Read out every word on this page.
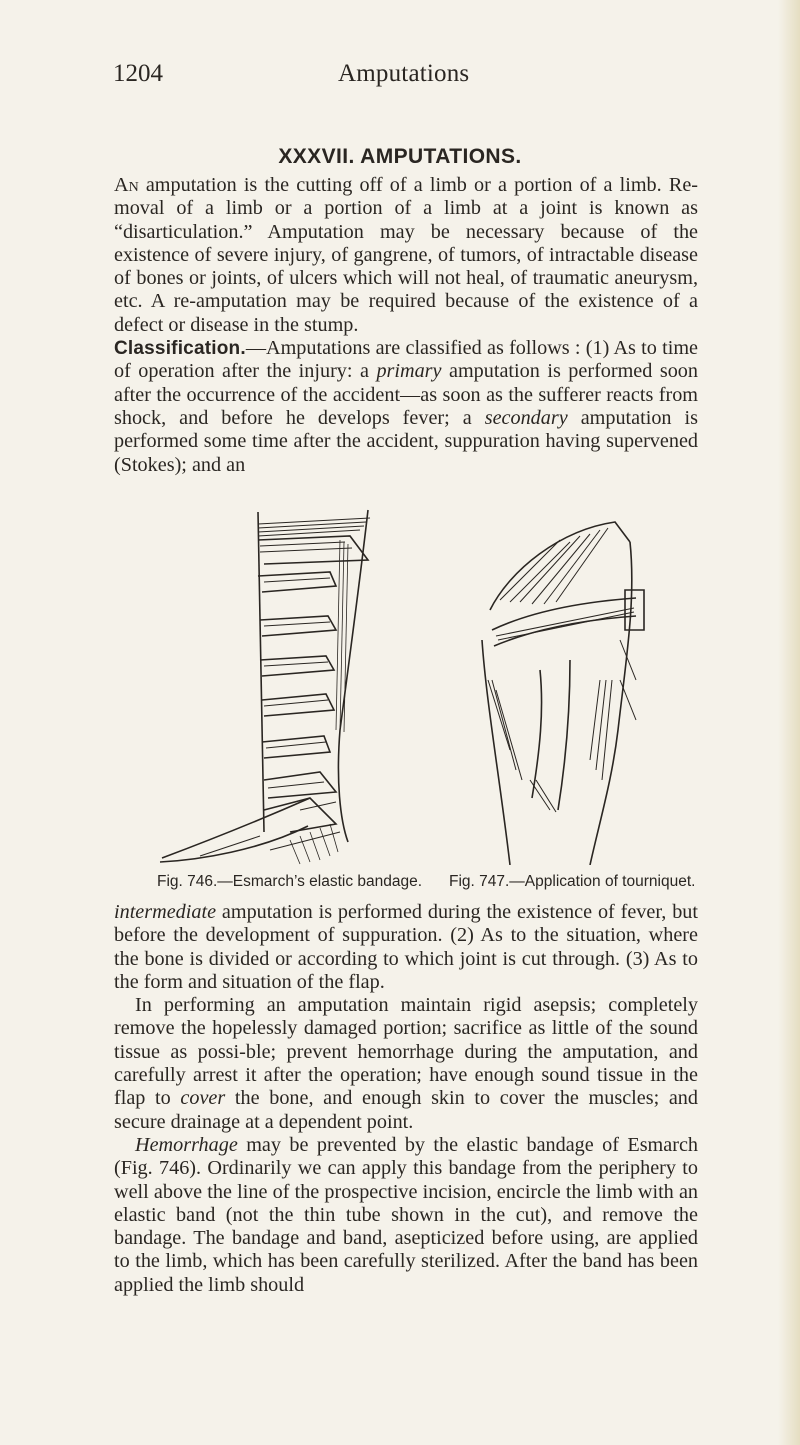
1204	Amputations
XXXVII. AMPUTATIONS.

An amputation is the cutting off of a limb or a portion of a limb. Re-moval of a limb or a portion of a limb at a joint is known as “disarticulation.” Amputation may be necessary because of the existence of severe injury, of gangrene, of tumors, of intractable disease of bones or joints, of ulcers which will not heal, of traumatic aneurysm, etc. A re-amputation may be required because of the existence of a defect or disease in the stump.

Classification.—Amputations are classified as follows : (1) As to time of operation after the injury: a primary amputation is performed soon after the occurrence of the accident—as soon as the sufferer reacts from shock, and before he develops fever; a secondary amputation is performed some time after the accident, suppuration having supervened (Stokes); and an

Fig. 746.—Esmarch’s elastic bandage. Fig. 747.—Application of tourniquet.

intermediate amputation is performed during the existence of fever, but before the development of suppuration. (2) As to the situation, where the bone is divided or according to which joint is cut through. (3) As to the form and situation of the flap.

In performing an amputation maintain rigid asepsis; completely remove the hopelessly damaged portion; sacrifice as little of the sound tissue as possi-ble; prevent hemorrhage during the amputation, and carefully arrest it after the operation; have enough sound tissue in the flap to cover the bone, and enough skin to cover the muscles; and secure drainage at a dependent point.

Hemorrhage may be prevented by the elastic bandage of Esmarch (Fig. 746). Ordinarily we can apply this bandage from the periphery to well above the line of the prospective incision, encircle the limb with an elastic band (not the thin tube shown in the cut), and remove the bandage. The bandage and band, asepticized before using, are applied to the limb, which has been carefully sterilized. After the band has been applied the limb should
